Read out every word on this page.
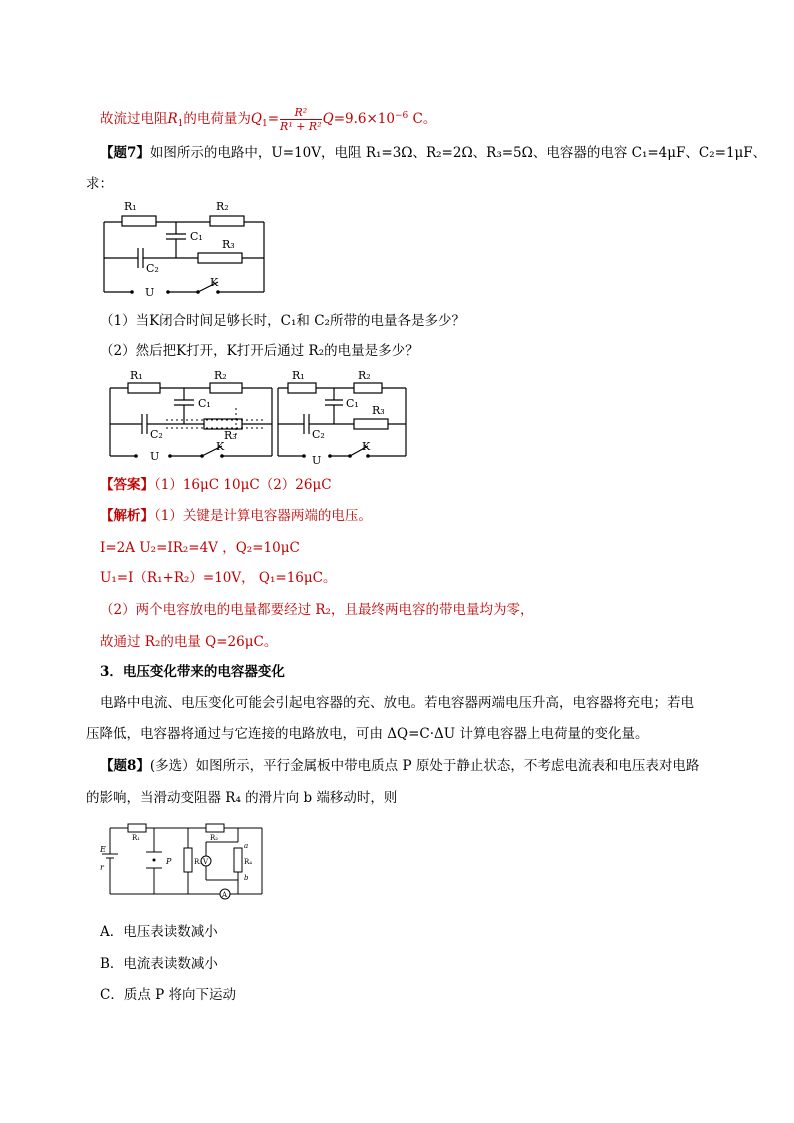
故流过电阻$R_1$的电荷量为$Q_1= \frac{\text{R²}}{\text{R¹ + R²}} Q=9.6\times 10^{-6}$ C。
【题7】如图所示的电路中，U=10V，电阻 R₁=3Ω、R₂=2Ω、R₃=5Ω、电容器的电容 C₁=4μF、C₂=1μF、
求：
R₁	R₂
C₁
R₃
C₂
U
K
（1）当K闭合时间足够长时，C₁和 C₂所带的电量各是多少？
（2）然后把K打开，K打开后通过 R₂的电量是多少？
R₁	R₂
C₁
R₃
C₂
U
K
R₁	R₂
C₁
R₃
C₂
U
K
【答案】（1）16μC 10μC（2）26μC
【解析】（1）关键是计算电容器两端的电压。
I=2A U₂=IR₂=4V ，Q₂=10μC
U₁=I（R₁+R₂）=10V， Q₁=16μC。
（2）两个电容放电的电量都要经过 R₂，且最终两电容的带电量均为零，
故通过 R₂的电量 Q=26μC。
3．电压变化带来的电容器变化
电路中电流、电压变化可能会引起电容器的充、放电。若电容器两端电压升高，电容器将充电；若电
压降低，电容器将通过与它连接的电路放电，可由 ΔQ=C·ΔU 计算电容器上电荷量的变化量。
【题8】(多选）如图所示，平行金属板中带电质点 P 原处于静止状态，不考虑电流表和电压表对电路
的影响，当滑动变阻器 R₄ 的滑片向 b 端移动时，则
E
r
R₁	R₂
R₃	R₄
P	V
A
a
b
A．电压表读数减小
B．电流表读数减小
C．质点 P 将向下运动
